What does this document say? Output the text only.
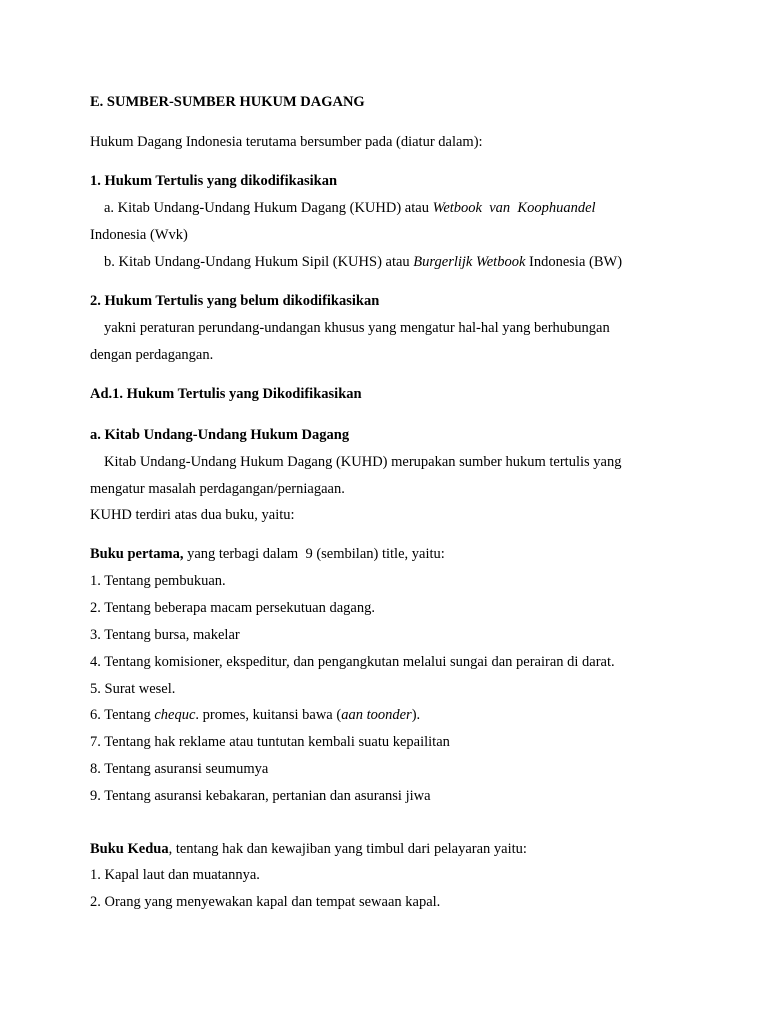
E. SUMBER-SUMBER HUKUM DAGANG
Hukum Dagang Indonesia terutama bersumber pada (diatur dalam):
1. Hukum Tertulis yang dikodifikasikan
a. Kitab Undang-Undang Hukum Dagang (KUHD) atau Wetbook  van  Koophuandel
Indonesia (Wvk)
b. Kitab Undang-Undang Hukum Sipil (KUHS) atau Burgerlijk Wetbook Indonesia (BW)
2. Hukum Tertulis yang belum dikodifikasikan
yakni peraturan perundang-undangan khusus yang mengatur hal-hal yang berhubungan
dengan perdagangan.
Ad.1. Hukum Tertulis yang Dikodifikasikan
a. Kitab Undang-Undang Hukum Dagang
Kitab Undang-Undang Hukum Dagang (KUHD) merupakan sumber hukum tertulis yang
mengatur masalah perdagangan/perniagaan.
KUHD terdiri atas dua buku, yaitu:
Buku pertama, yang terbagi dalam  9 (sembilan) title, yaitu:
1. Tentang pembukuan.
2. Tentang beberapa macam persekutuan dagang.
3. Tentang bursa, makelar
4. Tentang komisioner, ekspeditur, dan pengangkutan melalui sungai dan perairan di darat.
5. Surat wesel.
6. Tentang chequc. promes, kuitansi bawa (aan toonder).
7. Tentang hak reklame atau tuntutan kembali suatu kepailitan
8. Tentang asuransi seumumya
9. Tentang asuransi kebakaran, pertanian dan asuransi jiwa
Buku Kedua, tentang hak dan kewajiban yang timbul dari pelayaran yaitu:
1. Kapal laut dan muatannya.
2. Orang yang menyewakan kapal dan tempat sewaan kapal.
